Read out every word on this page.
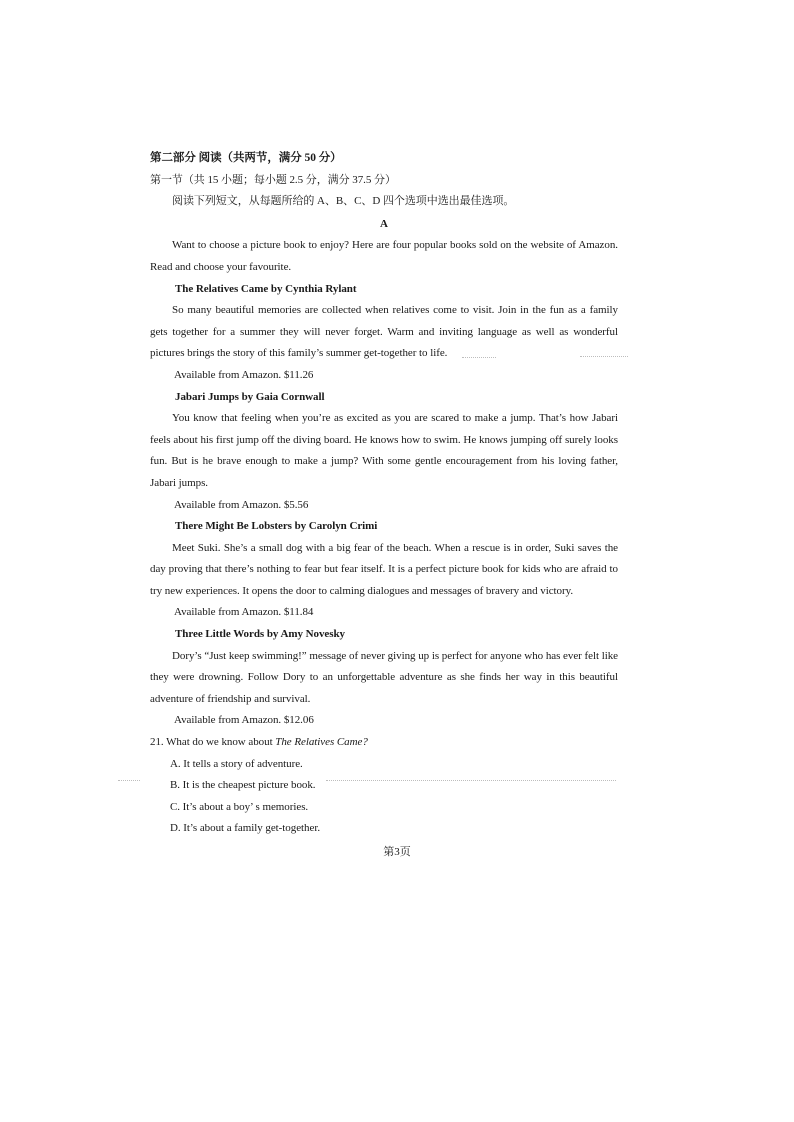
第二部分 阅读（共两节，满分 50 分）
第一节（共 15 小题；每小题 2.5 分，满分 37.5 分）
阅读下列短文，从每题所给的 A、B、C、D 四个选项中选出最佳选项。
A
Want to choose a picture book to enjoy? Here are four popular books sold on the website of Amazon. Read and choose your favourite.
The Relatives Came by Cynthia Rylant
So many beautiful memories are collected when relatives come to visit. Join in the fun as a family gets together for a summer they will never forget. Warm and inviting language as well as wonderful pictures brings the story of this family’s summer get-together to life.
Available from Amazon. $11.26
Jabari Jumps by Gaia Cornwall
You know that feeling when you’re as excited as you are scared to make a jump. That’s how Jabari feels about his first jump off the diving board. He knows how to swim. He knows jumping off surely looks fun. But is he brave enough to make a jump? With some gentle encouragement from his loving father, Jabari jumps.
Available from Amazon. $5.56
There Might Be Lobsters by Carolyn Crimi
Meet Suki. She’s a small dog with a big fear of the beach. When a rescue is in order, Suki saves the day proving that there’s nothing to fear but fear itself. It is a perfect picture book for kids who are afraid to try new experiences. It opens the door to calming dialogues and messages of bravery and victory.
Available from Amazon. $11.84
Three Little Words by Amy Novesky
Dory’s “Just keep swimming!” message of never giving up is perfect for anyone who has ever felt like they were drowning. Follow Dory to an unforgettable adventure as she finds her way in this beautiful adventure of friendship and survival.
Available from Amazon. $12.06
21. What do we know about The Relatives Came?
A. It tells a story of adventure.
B. It is the cheapest picture book.
C. It’s about a boy’ s memories.
D. It’s about a family get-together.
第3页
